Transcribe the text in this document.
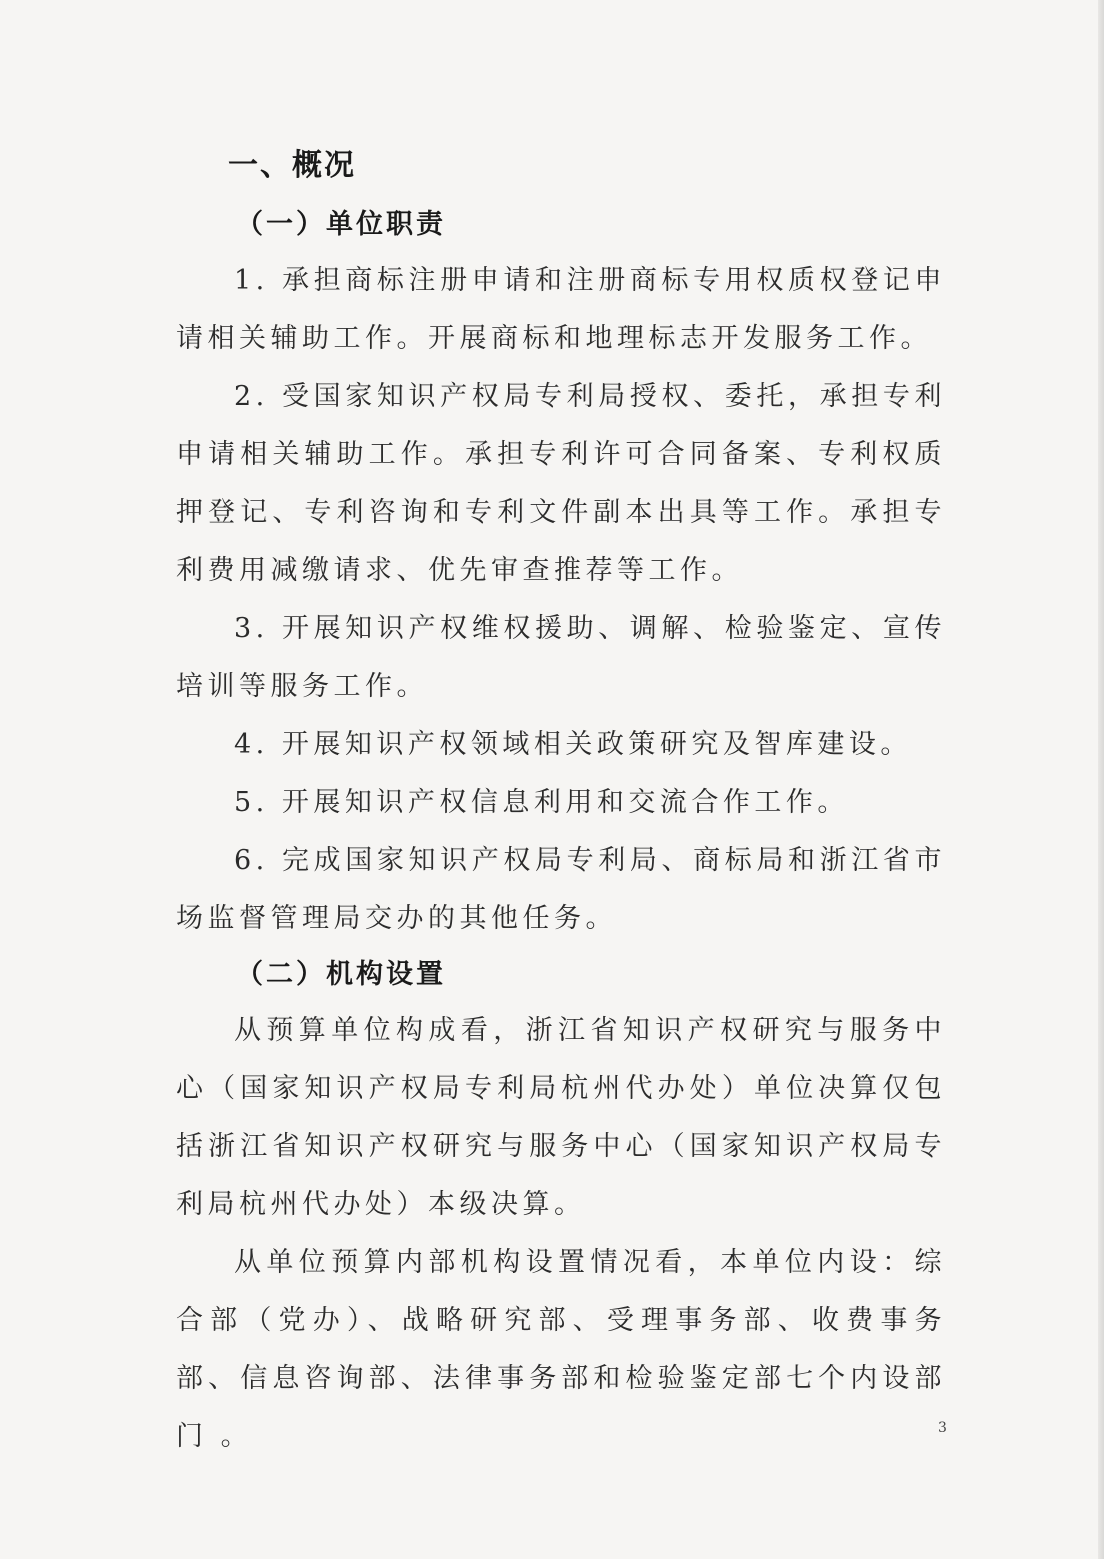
一、概况
（一）单位职责

1. 承担商标注册申请和注册商标专用权质权登记申请相关辅助工作。开展商标和地理标志开发服务工作。

2. 受国家知识产权局专利局授权、委托，承担专利申请相关辅助工作。承担专利许可合同备案、专利权质押登记、专利咨询和专利文件副本出具等工作。承担专利费用减缴请求、优先审查推荐等工作。

3. 开展知识产权维权援助、调解、检验鉴定、宣传培训等服务工作。

4. 开展知识产权领域相关政策研究及智库建设。

5. 开展知识产权信息利用和交流合作工作。

6. 完成国家知识产权局专利局、商标局和浙江省市场监督管理局交办的其他任务。

（二）机构设置

从预算单位构成看，浙江省知识产权研究与服务中心（国家知识产权局专利局杭州代办处）单位决算仅包括浙江省知识产权研究与服务中心（国家知识产权局专利局杭州代办处）本级决算。

从单位预算内部机构设置情况看，本单位内设：综合部（党办）、战略研究部、受理事务部、收费事务部、信息咨询部、法律事务部和检验鉴定部七个内设部门 。	3
